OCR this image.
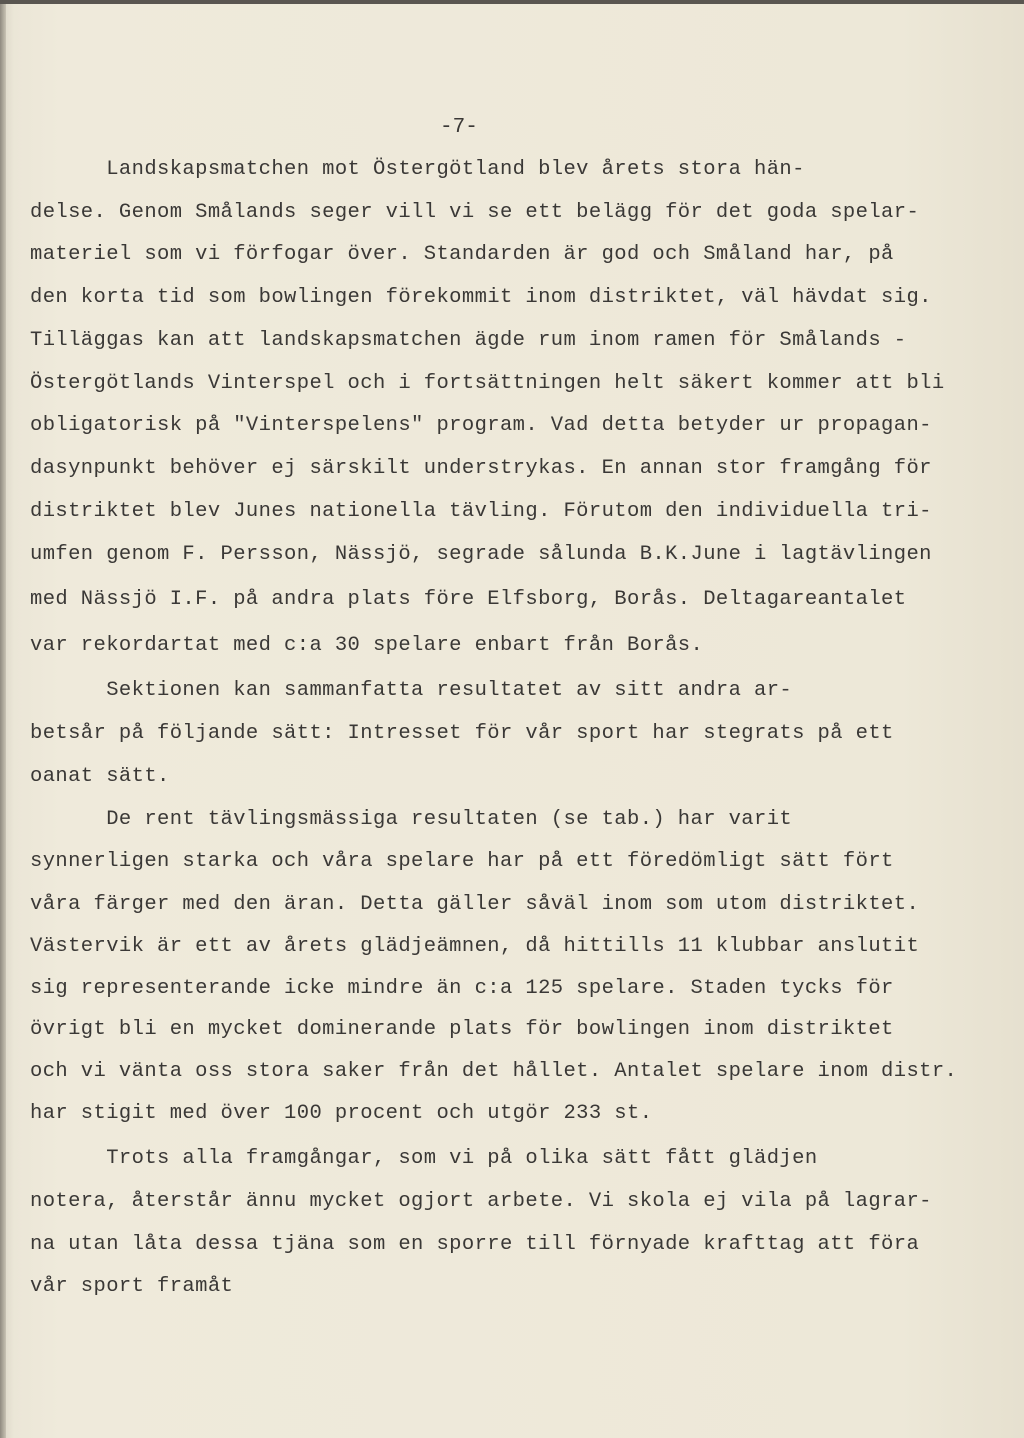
-7-
Landskapsmatchen mot Östergötland blev årets stora hän-
delse. Genom Smålands seger vill vi se ett belägg för det goda spelar-
materiel som vi förfogar över. Standarden är god och Småland har, på
den korta tid som bowlingen förekommit inom distriktet, väl hävdat sig.
Tilläggas kan att landskapsmatchen ägde rum inom ramen för Smålands -
Östergötlands Vinterspel och i fortsättningen helt säkert kommer att bli
obligatorisk på "Vinterspelens" program. Vad detta betyder ur propagan-
dasynpunkt behöver ej särskilt understrykas. En annan stor framgång för
distriktet blev Junes nationella tävling. Förutom den individuella tri-
umfen genom F. Persson, Nässjö, segrade sålunda B.K.June i lagtävlingen
med Nässjö I.F. på andra plats före Elfsborg, Borås. Deltagareantalet
var rekordartat med c:a 30 spelare enbart från Borås.
Sektionen kan sammanfatta resultatet av sitt andra ar-
betsår på följande sätt: Intresset för vår sport har stegrats på ett
oanat sätt.
De rent tävlingsmässiga resultaten (se tab.) har varit
synnerligen starka och våra spelare har på ett föredömligt sätt fört
våra färger med den äran. Detta gäller såväl inom som utom distriktet.
Västervik är ett av årets glädjeämnen, då hittills 11 klubbar anslutit
sig representerande icke mindre än c:a 125 spelare. Staden tycks för
övrigt bli en mycket dominerande plats för bowlingen inom distriktet
och vi vänta oss stora saker från det hållet. Antalet spelare inom distr.
har stigit med över 100 procent och utgör 233 st.
Trots alla framgångar, som vi på olika sätt fått glädjen
notera, återstår ännu mycket ogjort arbete. Vi skola ej vila på lagrar-
na utan låta dessa tjäna som en sporre till förnyade krafttag att föra
vår sport framåt
